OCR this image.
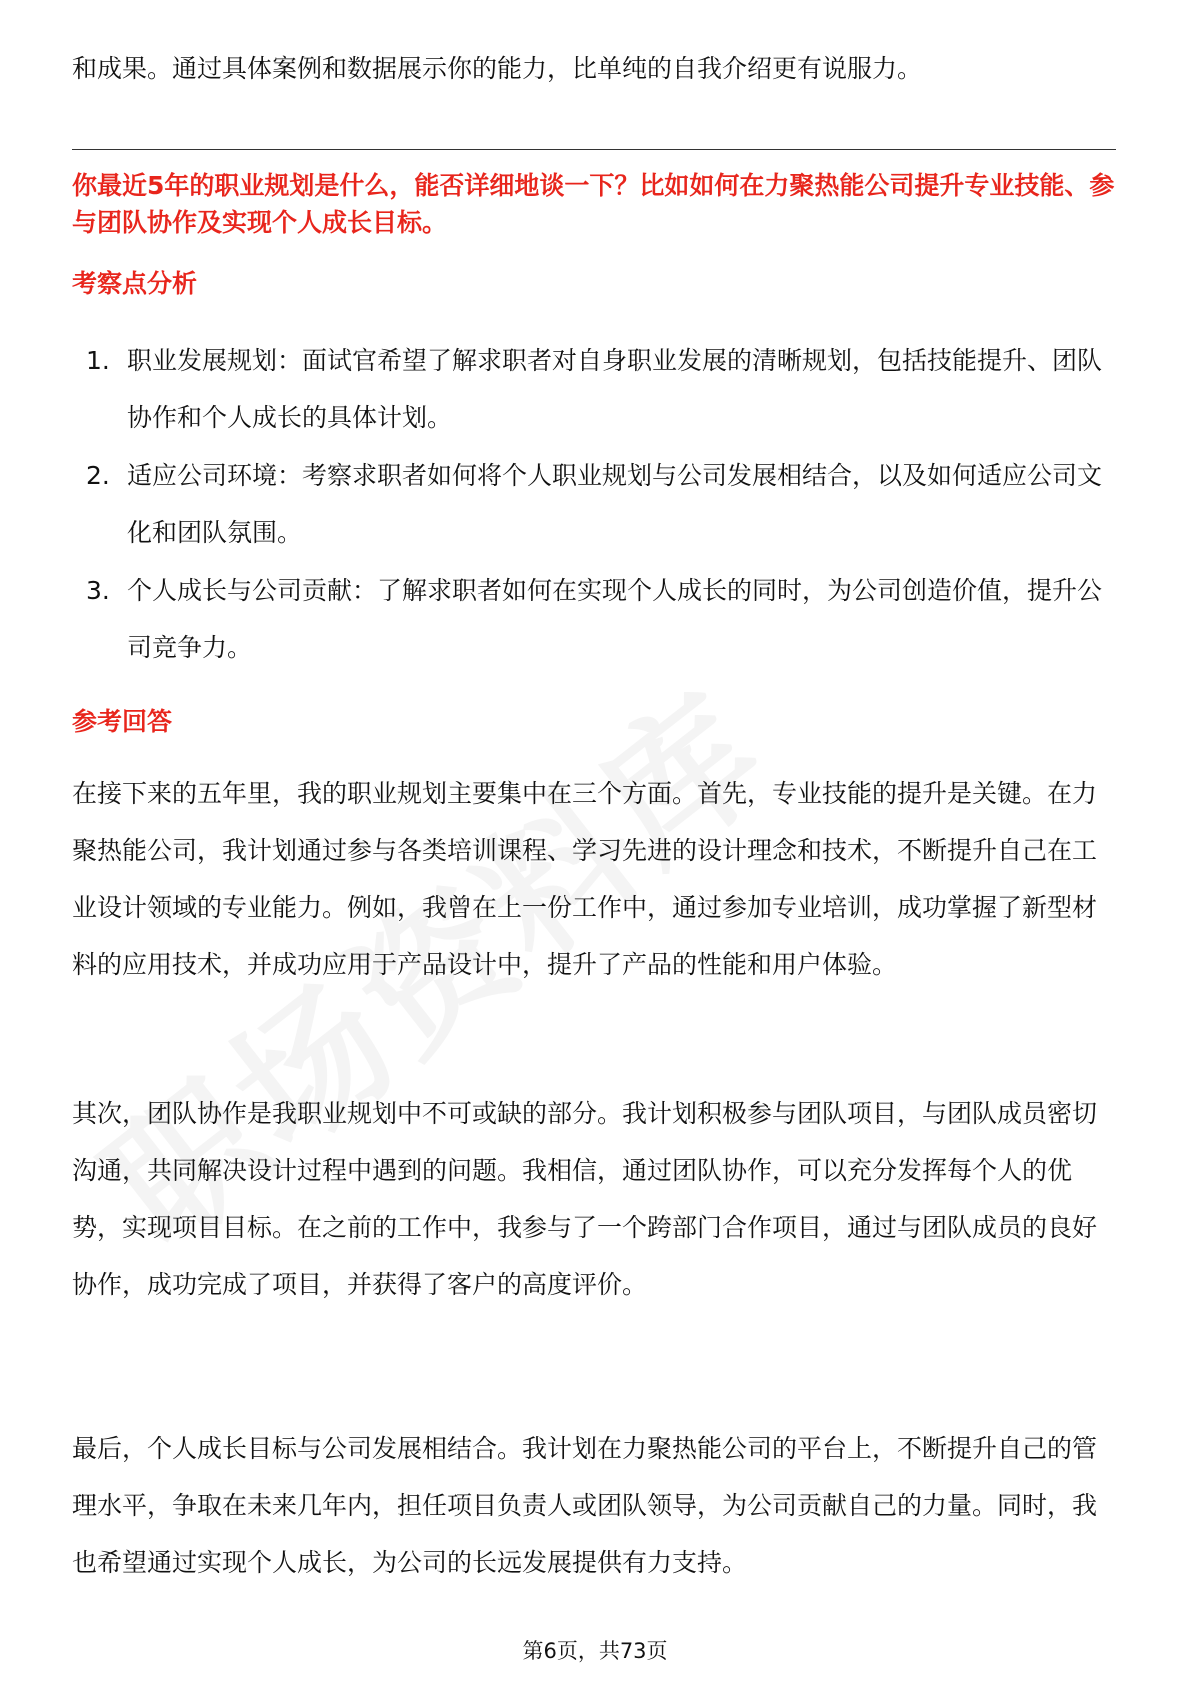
和成果。通过具体案例和数据展示你的能力，比单纯的自我介绍更有说服力。

你最近5年的职业规划是什么，能否详细地谈一下？比如如何在力聚热能公司提升专业技能、参与团队协作及实现个人成长目标。
考察点分析
1. 职业发展规划：面试官希望了解求职者对自身职业发展的清晰规划，包括技能提升、团队协作和个人成长的具体计划。
2. 适应公司环境：考察求职者如何将个人职业规划与公司发展相结合，以及如何适应公司文化和团队氛围。
3. 个人成长与公司贡献：了解求职者如何在实现个人成长的同时，为公司创造价值，提升公司竞争力。
参考回答

在接下来的五年里，我的职业规划主要集中在三个方面。首先，专业技能的提升是关键。在力聚热能公司，我计划通过参与各类培训课程、学习先进的设计理念和技术，不断提升自己在工业设计领域的专业能力。例如，我曾在上一份工作中，通过参加专业培训，成功掌握了新型材料的应用技术，并成功应用于产品设计中，提升了产品的性能和用户体验。

其次，团队协作是我职业规划中不可或缺的部分。我计划积极参与团队项目，与团队成员密切沟通，共同解决设计过程中遇到的问题。我相信，通过团队协作，可以充分发挥每个人的优势，实现项目目标。在之前的工作中，我参与了一个跨部门合作项目，通过与团队成员的良好协作，成功完成了项目，并获得了客户的高度评价。

最后，个人成长目标与公司发展相结合。我计划在力聚热能公司的平台上，不断提升自己的管理水平，争取在未来几年内，担任项目负责人或团队领导，为公司贡献自己的力量。同时，我也希望通过实现个人成长，为公司的长远发展提供有力支持。

第6页，共73页
